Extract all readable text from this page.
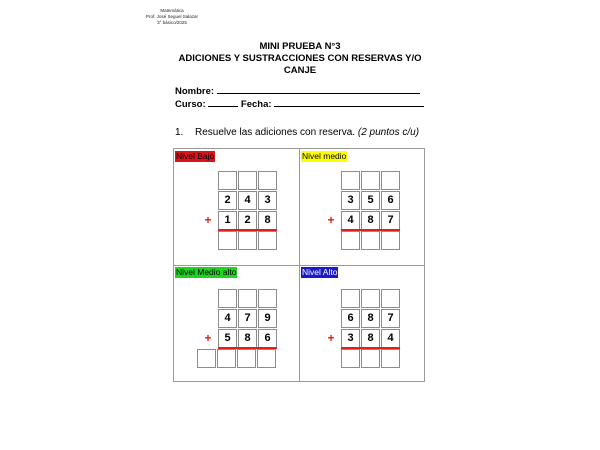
Matemática
Prof. José Seguel Salazar
3° básico/2025
MINI PRUEBA N°3
ADICIONES Y SUSTRACCIONES CON RESERVAS Y/O
CANJE
Nombre:
Curso:	Fecha:
1. Resuelve las adiciones con reserva. (2 puntos c/u)
Nivel Bajo
2	4	3
+	1	2	8
Nivel medio
3	5	6
+	4	8	7
Nivel Medio alto
4	7	9
+	5	8	6
Nivel Alto
6	8	7
+	3	8	4
